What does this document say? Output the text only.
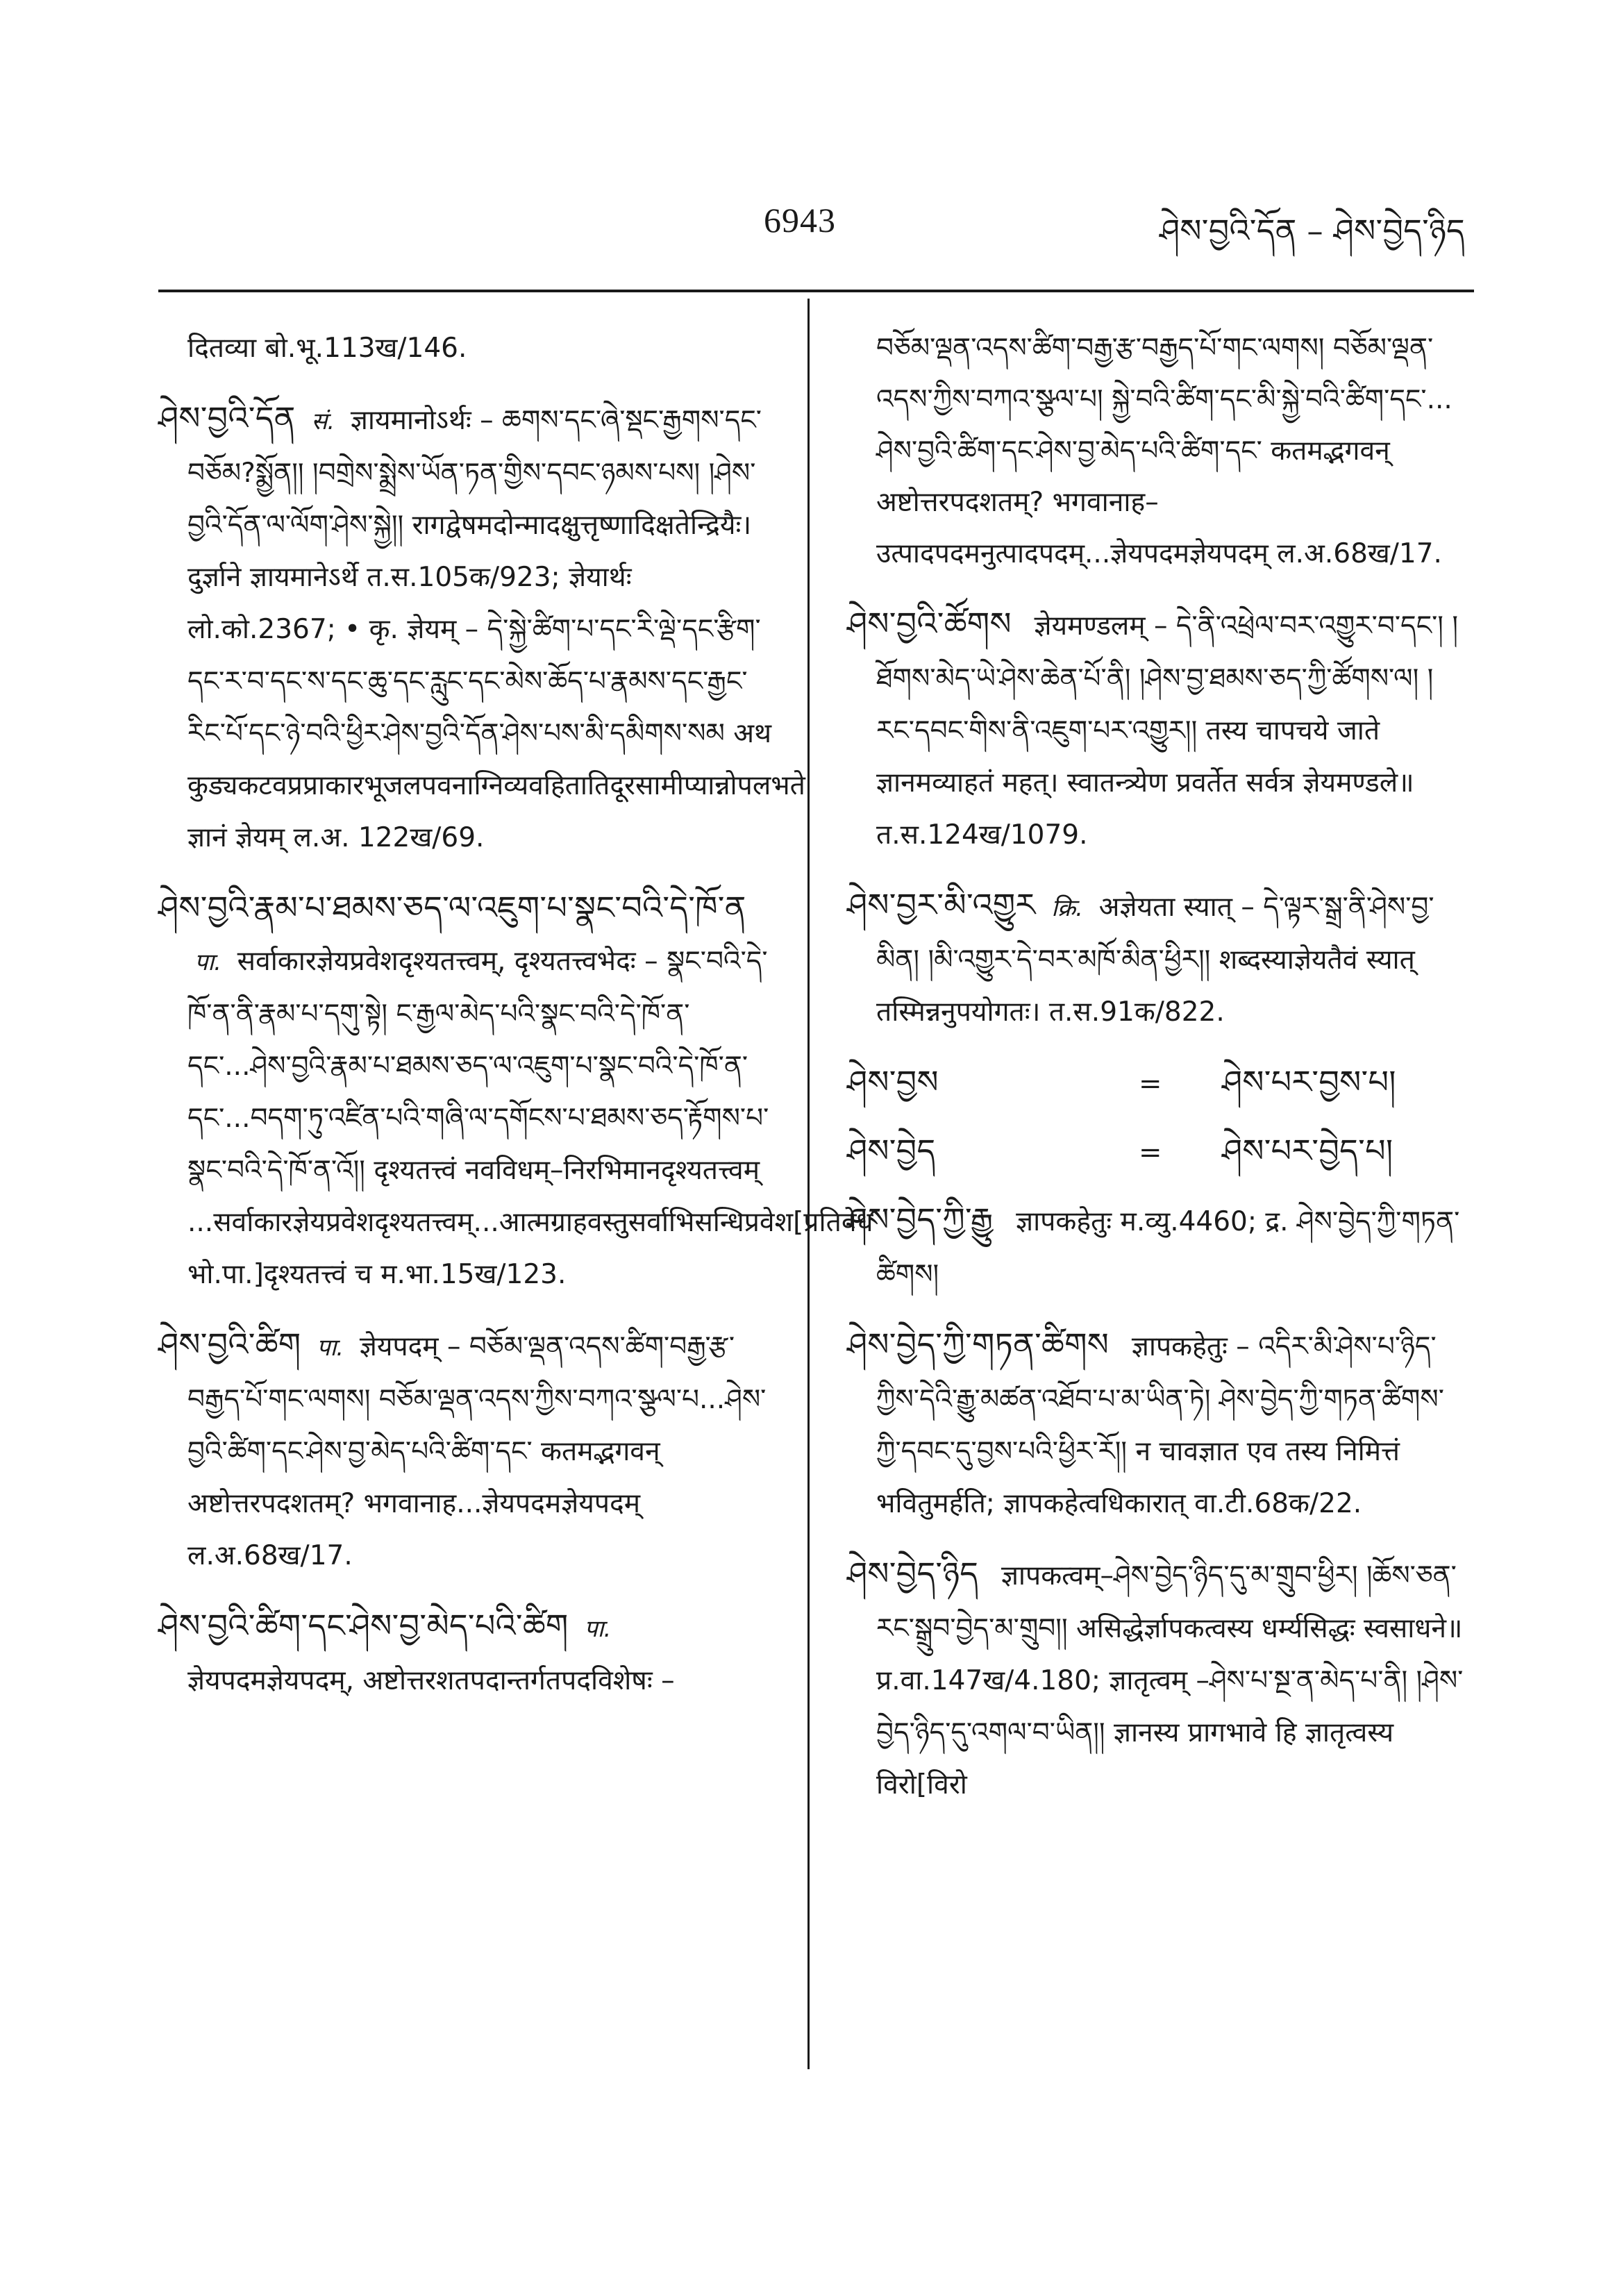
6943	ཤེས་བྱའི་དོན – ཤེས་བྱེད་ཉིད

दितव्या बो.भू.113ख/146.

ཤེས་བྱའི་དོན सं. ज्ञायमानोऽर्थः – ཆགས་དང་ཞེ་སྡང་རྒྱགས་དང་བཅོམ?སྨྱོན།། །བགྲེས་སྨྲེས་ཡོན་ཏན་གྱིས་དབང་ཉམས་པས། །ཤེས་བྱའི་དོན་ལ་ལོག་ཤེས་སྐྱེ།། रागद्वेषमदोन्मादक्षुत्तृष्णादिक्षतेन्द्रियैः। दुर्ज्ञाने ज्ञायमानेऽर्थे त.स.105क/923; ज्ञेयार्थः लो.को.2367; • कृ. ज्ञेयम् – དེ་སྐྱེ་ཚིག་པ་དང་རི་ལྡེ་དང་རྩིག་དང་ར་བ་དང་ས་དང་ཆུ་དང་རླུང་དང་མེས་ཆོད་པ་རྣམས་དང་རྒྱང་རིང་པོ་དང་ཉེ་བའི་ཕྱིར་ཤེས་བྱའི་དོན་ཤེས་པས་མི་དམིགས་སམ अथ कुड्यकटवप्रप्राकारभूजलपवनाग्निव्यवहितातिदूरसामीप्यान्नोपलभते ज्ञानं ज्ञेयम् ल.अ. 122ख/69.

ཤེས་བྱའི་རྣམ་པ་ཐམས་ཅད་ལ་འཇུག་པ་སྣང་བའི་དེ་ཁོ་ན पा. सर्वाकारज्ञेयप्रवेशदृश्यतत्त्वम्, दृश्यतत्त्वभेदः – སྣང་བའི་དེ་ཁོ་ན་ནི་རྣམ་པ་དགུ་སྟེ། ང་རྒྱལ་མེད་པའི་སྣང་བའི་དེ་ཁོ་ན་དང་...ཤེས་བྱའི་རྣམ་པ་ཐམས་ཅད་ལ་འཇུག་པ་སྣང་བའི་དེ་ཁོ་ན་དང་...བདག་ཏུ་འཛིན་པའི་གཞི་ལ་དགོངས་པ་ཐམས་ཅད་རྟོགས་པ་སྣང་བའི་དེ་ཁོ་ན་འོ།། दृश्यतत्त्वं नवविधम्–निरभिमानदृश्यतत्त्वम् ...सर्वाकारज्ञेयप्रवेशदृश्यतत्त्वम्...आत्मग्राहवस्तुसर्वाभिसन्धिप्रवेश[प्रतिवेध भो.पा.]दृश्यतत्त्वं च म.भा.15ख/123.

ཤེས་བྱའི་ཚིག पा. ज्ञेयपदम् – བཅོམ་ལྡན་འདས་ཚིག་བརྒྱ་རྩ་བརྒྱད་པོ་གང་ལགས། བཅོམ་ལྡན་འདས་ཀྱིས་བཀའ་སྩལ་པ...ཤེས་བྱའི་ཚིག་དང་ཤེས་བྱ་མེད་པའི་ཚིག་དང་ कतमद्भगवन् अष्टोत्तरपदशतम्? भगवानाह...ज्ञेयपदमज्ञेयपदम् ल.अ.68ख/17.

ཤེས་བྱའི་ཚིག་དང་ཤེས་བྱ་མེད་པའི་ཚིག पा. ज्ञेयपदमज्ञेयपदम्, अष्टोत्तरशतपदान्तर्गतपदविशेषः –

བཅོམ་ལྡན་འདས་ཚིག་བརྒྱ་རྩ་བརྒྱད་པོ་གང་ལགས། བཅོམ་ལྡན་འདས་ཀྱིས་བཀའ་སྩལ་པ། སྐྱེ་བའི་ཚིག་དང་མི་སྐྱེ་བའི་ཚིག་དང་... ཤེས་བྱའི་ཚིག་དང་ཤེས་བྱ་མེད་པའི་ཚིག་དང་ कतमद्भगवन् अष्टोत्तरपदशतम्? भगवानाह–उत्पादपदमनुत्पादपदम्...ज्ञेयपदमज्ञेयपदम् ल.अ.68ख/17.

ཤེས་བྱའི་ཚོགས ज्ञेयमण्डलम् – དེ་ནི་འཕྲེལ་བར་འགྱུར་བ་དང་། །ཐོགས་མེད་ཡེ་ཤེས་ཆེན་པོ་ནི། །ཤེས་བྱ་ཐམས་ཅད་ཀྱི་ཚོགས་ལ། །རང་དབང་གིས་ནི་འཇུག་པར་འགྱུར།། तस्य चापचये जाते ज्ञानमव्याहतं महत्। स्वातन्त्र्येण प्रवर्तेत सर्वत्र ज्ञेयमण्डले॥ त.स.124ख/1079.

ཤེས་བྱར་མི་འགྱུར क्रि. अज्ञेयता स्यात् – དེ་ལྟར་སྒྲ་ནི་ཤེས་བྱ་མིན། །མི་འགྱུར་དེ་བར་མཁོ་མིན་ཕྱིར།། शब्दस्याज्ञेयतैवं स्यात् तस्मिन्ननुपयोगतः। त.स.91क/822.

ཤེས་བྱས	=	ཤེས་པར་བྱས་པ།
ཤེས་བྱེད	=	ཤེས་པར་བྱེད་པ།

ཤེས་བྱེད་ཀྱི་རྒྱུ ज्ञापकहेतुः म.व्यु.4460; द्र. ཤེས་བྱེད་ཀྱི་གཏན་ཚིགས།

ཤེས་བྱེད་ཀྱི་གཏན་ཚིགས ज्ञापकहेतुः – འདིར་མི་ཤེས་པ་ཉིད་ཀྱིས་དེའི་རྒྱུ་མཚན་འཐོབ་པ་མ་ཡིན་ཏེ། ཤེས་བྱེད་ཀྱི་གཏན་ཚིགས་ཀྱི་དབང་དུ་བྱས་པའི་ཕྱིར་རོ།། न चावज्ञात एव तस्य निमित्तं भवितुमर्हति; ज्ञापकहेत्वधिकारात् वा.टी.68क/22.

ཤེས་བྱེད་ཉིད ज्ञापकत्वम्–ཤེས་བྱེད་ཉིད་དུ་མ་གྲུབ་ཕྱིར། །ཆོས་ཅན་རང་སྒྲུབ་བྱེད་མ་གྲུབ།། असिद्धेर्ज्ञापकत्वस्य धर्म्यसिद्धः स्वसाधने॥ प्र.वा.147ख/4.180; ज्ञातृत्वम् –ཤེས་པ་སྔ་ན་མེད་པ་ནི། །ཤེས་བྱེད་ཉིད་དུ་འགལ་བ་ཡིན།། ज्ञानस्य प्रागभावे हि ज्ञातृत्वस्य विरो[विरो
